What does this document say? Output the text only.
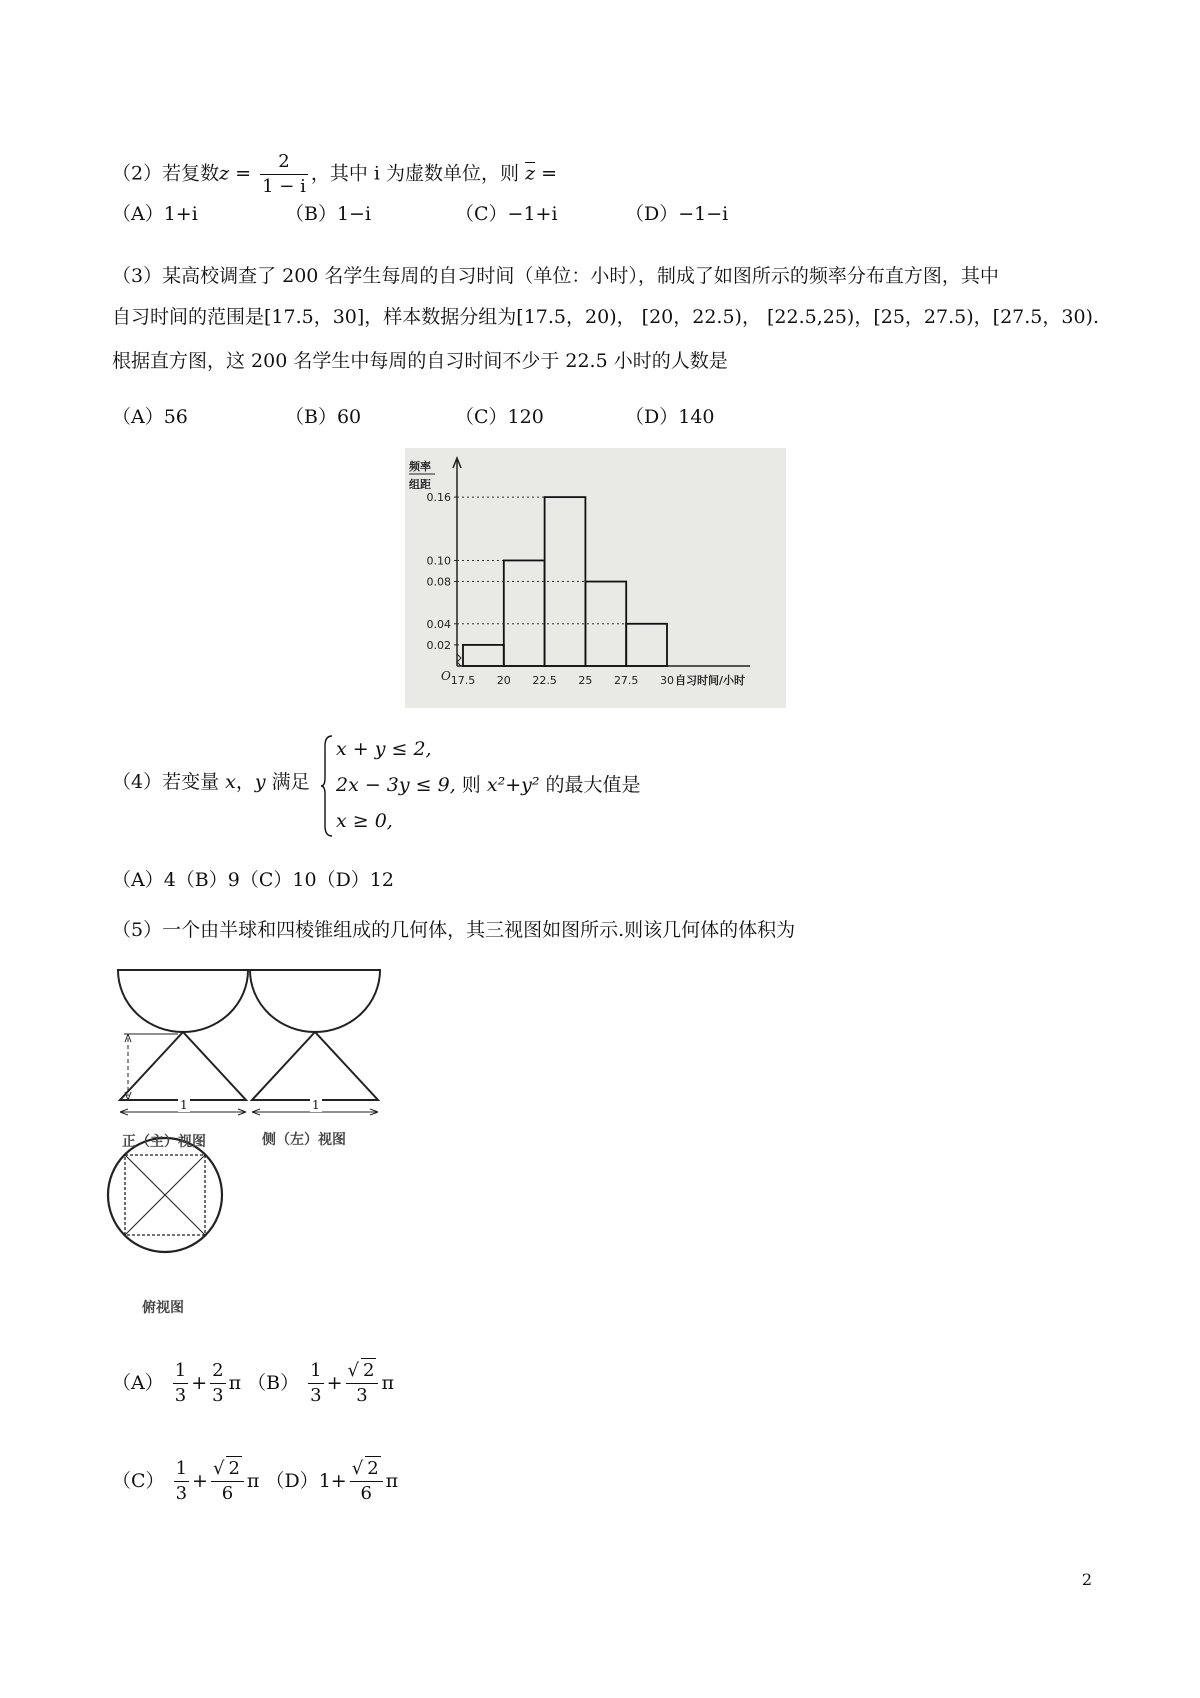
（2）若复数$z = \frac{2}{1 - i}$ ，其中 i 为虚数单位，则 $\overline{z}$ =
（A）1+i	（B）1−i	（C）−1+i	（D）−1−i
（3）某高校调查了 200 名学生每周的自习时间（单位：小时），制成了如图所示的频率分布直方图，其中
自习时间的范围是[17.5，30]，样本数据分组为[17.5，20)， [20，22.5)， [22.5,25)，[25，27.5)，[27.5，30).
根据直方图，这 200 名学生中每周的自习时间不少于 22.5 小时的人数是
（A）56	（B）60	（C）120	（D）140
频率
组距
O
0.02
0.04
0.08
0.10
0.16
17.5 20 22.5 25 27.5 30 自习时间/小时
（4）若变量 x，y 满足
x + y ≤ 2,
2x − 3y ≤ 9, 则 x²+y² 的最大值是
x ≥ 0,
（A）4（B）9（C）10（D）12
（5）一个由半球和四棱锥组成的几何体，其三视图如图所示.则该几何体的体积为
1	1
正（主）视图	侧（左）视图
俯视图
$(A) \frac{1}{3} + \frac{2}{3}$ π $(B) \frac{1}{3} + \frac{√ 2}{3}$ π
$(C) \frac{1}{3} + \frac{√ 2}{6}$ π $(D)1+ \frac{√ 2}{6}$ π
2
